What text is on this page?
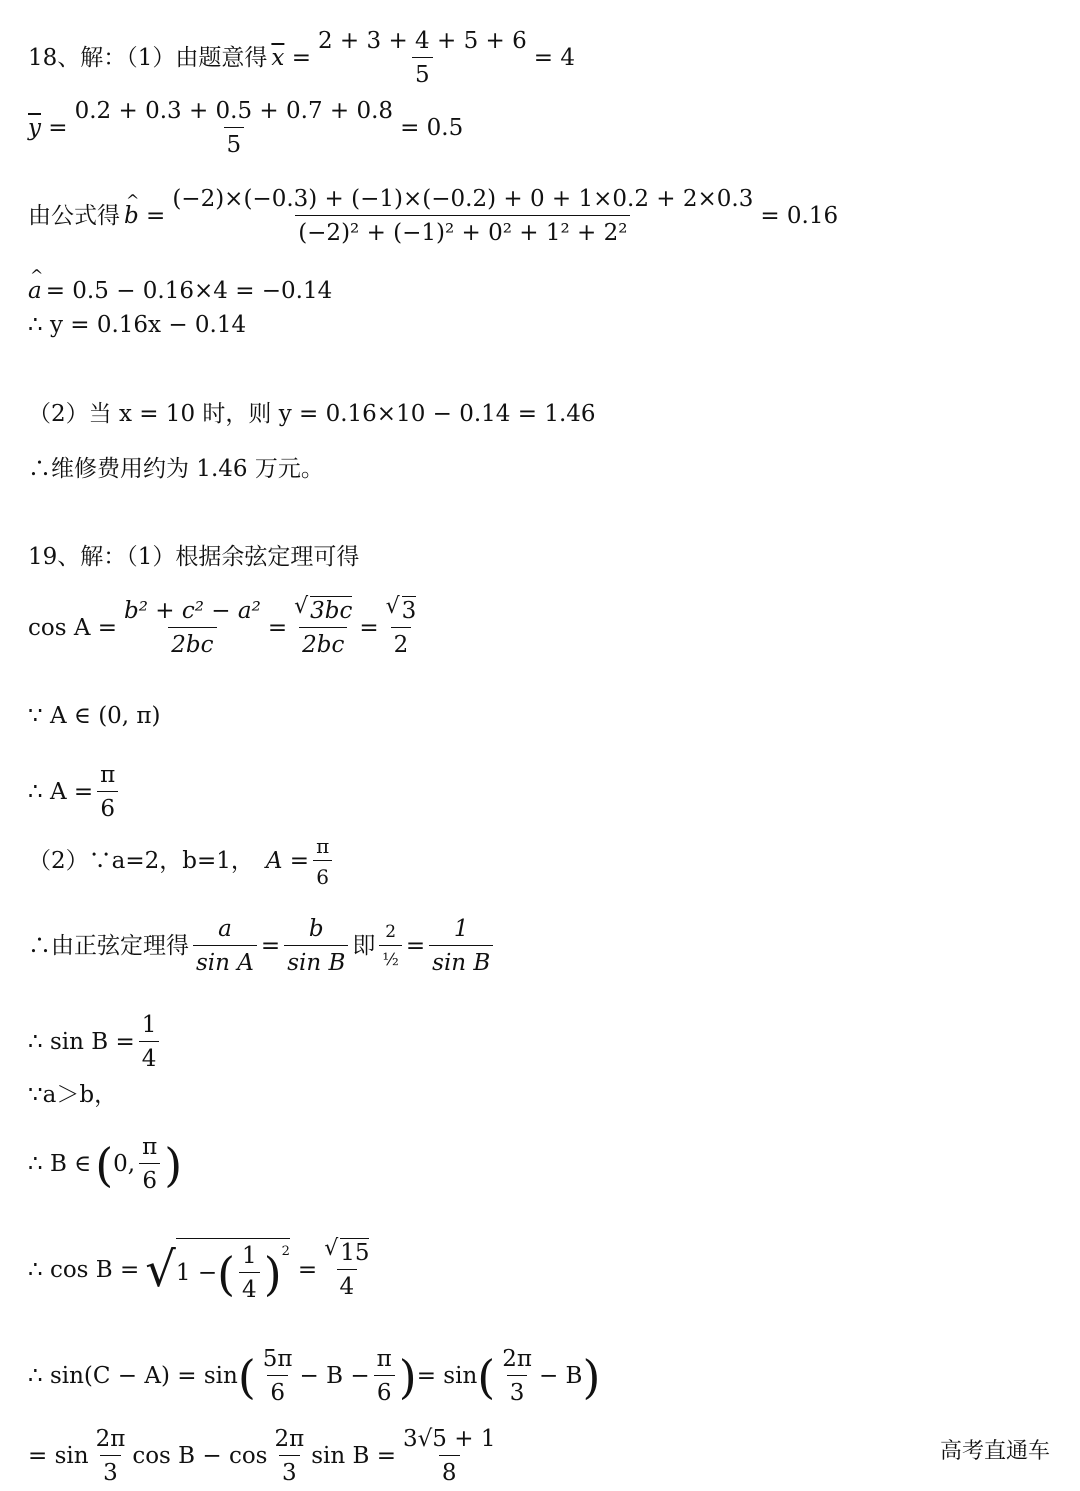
18、解：（1）由题意得 $\overline{x} = \frac{2 + 3 + 4 + 5 + 6}{5} = 4$
$\overline{y} = \frac{0.2 + 0.3 + 0.5 + 0.7 + 0.8}{5} = 0.5$
由公式得 ^ $b = \frac{(-2)\times(-0.3) + (-1)\times(-0.2) + 0 + 1\times 0.2 + 2\times 0.3}{\text{(−2)² + (−1)² + 0² + 1² + 2²}} = 0.16$
^ a = 0.5 − 0.16×4 = −0.14
∴ y = 0.16x − 0.14
（2）当 x = 10 时，则 y = 0.16×10 − 0.14 = 1.46
∴维修费用约为 1.46 万元。
19、解：（1）根据余弦定理可得
$\cos A = \frac{\text{b² + c² − a²}}{2bc}$ = √ $\frac{3bc}{2bc}$ = √ $\frac{3}{2}$
∵ A ∈ (0, π)
∴ $A = \frac{\pi}{6}$
（2）∵a=2，b=1， $A = \frac{\pi}{6}$
∴由正弦定理得 $\frac{a}{\text{sin A}} = \frac{b}{\text{sin B}}$ 即 $\frac{2}{\text{½}} = \frac{1}{\text{sin B}}$
∴ $\sin B = \frac{1}{4}$
∵a＞b，
∴ B ∈ ( 0, $\frac{\pi}{6}$ )
∴ cos B = √ 1 − ( $\frac{1}{4}$ ) 2
= √ $\frac{15}{4}$
∴ sin(C − A) = sin ( $\frac{5\pi}{6} - B - \frac{\pi}{6}$ ) = sin ( $\frac{2\pi}{3} - B$ )
= $\sin \frac{2\pi}{3}$ $\cos B - \cos \frac{2\pi}{3}$ $\sin B = \frac{3√5 + 1}{8}$	高考直通车
